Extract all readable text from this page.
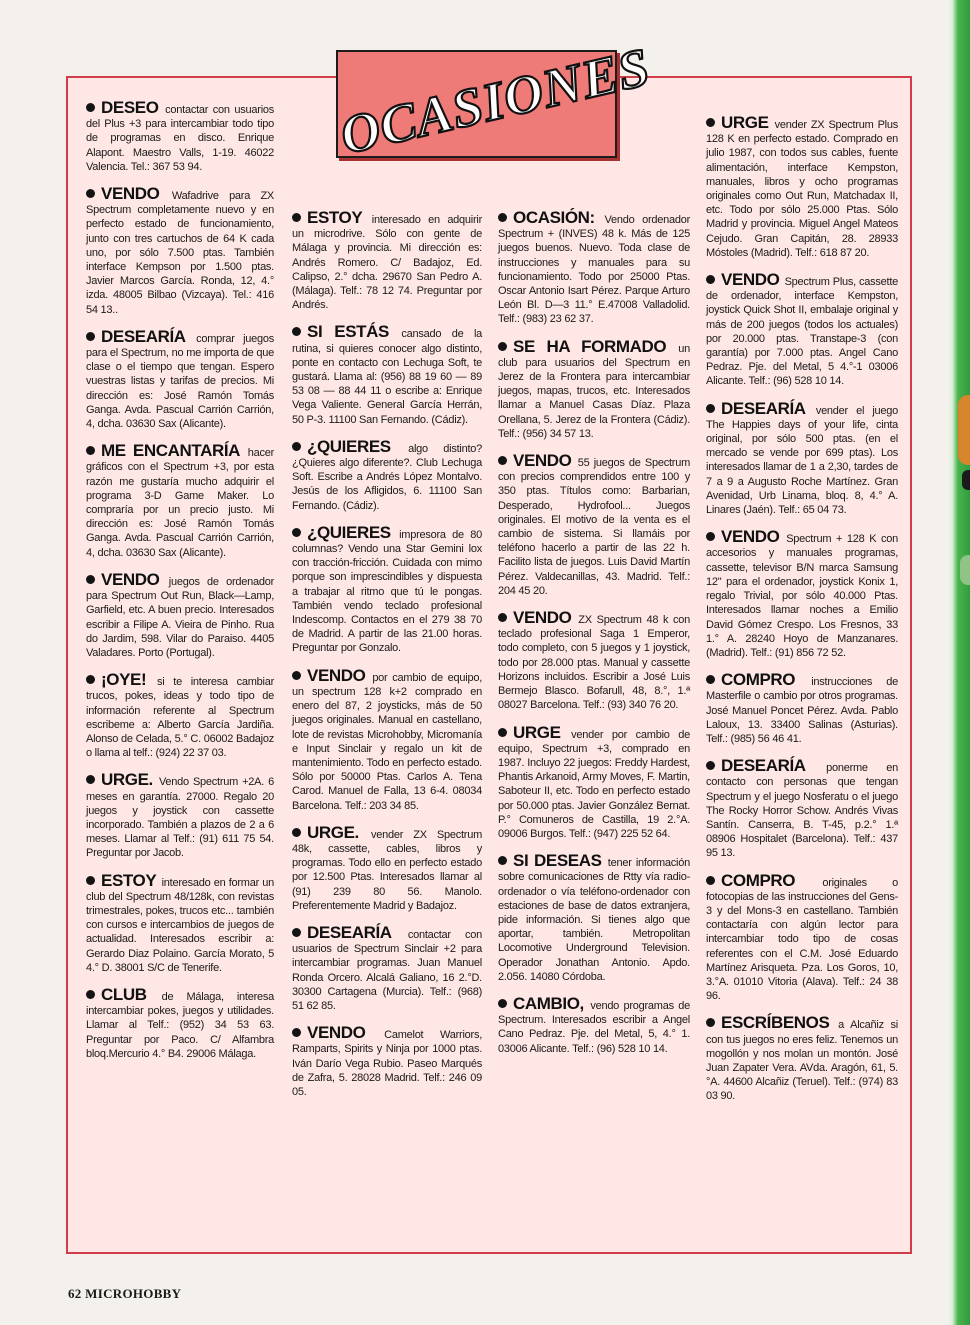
OCASIONES

DESEO contactar con usuarios del Plus +3 para intercambiar todo tipo de programas en disco. Enrique Alapont. Maestro Valls, 1-19. 46022 Valencia. Tel.: 367 53 94.

VENDO Wafadrive para ZX Spectrum completamente nuevo y en perfecto estado de funcionamiento, junto con tres cartuchos de 64 K cada uno, por sólo 7.500 ptas. También interface Kempson por 1.500 ptas. Javier Marcos García. Ronda, 12, 4.° izda. 48005 Bilbao (Vizcaya). Tel.: 416 54 13..

DESEARÍA comprar juegos para el Spectrum, no me importa de que clase o el tiempo que tengan. Espero vuestras listas y tarifas de precios. Mi dirección es: José Ramón Tomás Ganga. Avda. Pascual Carrión Carrión, 4, dcha. 03630 Sax (Alicante).

ME ENCANTARÍA hacer gráficos con el Spectrum +3, por esta razón me gustaría mucho adquirir el programa 3-D Game Maker. Lo compraría por un precio justo. Mi dirección es: José Ramón Tomás Ganga. Avda. Pascual Carrión Carrión, 4, dcha. 03630 Sax (Alicante).

VENDO juegos de ordenador para Spectrum Out Run, Black—Lamp, Garfield, etc. A buen precio. Interesados escribir a Filipe A. Vieira de Pinho. Rua do Jardim, 598. Vilar do Paraiso. 4405 Valadares. Porto (Portugal).

¡OYE! si te interesa cambiar trucos, pokes, ideas y todo tipo de información referente al Spectrum escribeme a: Alberto García Jardiña. Alonso de Celada, 5.° C. 06002 Badajoz o llama al telf.: (924) 22 37 03.

URGE. Vendo Spectrum +2A. 6 meses en garantía. 27000. Regalo 20 juegos y joystick con cassette incorporado. También a plazos de 2 a 6 meses. Llamar al Telf.: (91) 611 75 54. Preguntar por Jacob.

ESTOY interesado en formar un club del Spectrum 48/128k, con revistas trimestrales, pokes, trucos etc... también con cursos e intercambios de juegos de actualidad. Interesados escribir a: Gerardo Diaz Polaino. García Morato, 5 4.° D. 38001 S/C de Tenerife.

CLUB de Málaga, interesa intercambiar pokes, juegos y utilidades. Llamar al Telf.: (952) 34 53 63. Preguntar por Paco. C/ Alfambra bloq.Mercurio 4.° B4. 29006 Málaga.

ESTOY interesado en adquirir un microdrive. Sólo con gente de Málaga y provincia. Mi dirección es: Andrés Romero. C/ Badajoz, Ed. Calipso, 2.° dcha. 29670 San Pedro A. (Málaga). Telf.: 78 12 74. Preguntar por Andrés.

SI ESTÁS cansado de la rutina, si quieres conocer algo distinto, ponte en contacto con Lechuga Soft, te gustará. Llama al: (956) 88 19 60 — 89 53 08 — 88 44 11 o escribe a: Enrique Vega Valiente. General García Herrán, 50 P-3. 11100 San Fernando. (Cádiz).

¿QUIERES algo distinto? ¿Quieres algo diferente?. Club Lechuga Soft. Escribe a Andrés López Montalvo. Jesús de los Afligidos, 6. 11100 San Fernando. (Cádiz).

¿QUIERES impresora de 80 columnas? Vendo una Star Gemini lox con tracción-fricción. Cuidada con mimo porque son imprescindibles y dispuesta a trabajar al ritmo que tú le pongas. También vendo teclado profesional Indescomp. Contactos en el 279 38 70 de Madrid. A partir de las 21.00 horas. Preguntar por Gonzalo.

VENDO por cambio de equipo, un spectrum 128 k+2 comprado en enero del 87, 2 joysticks, más de 50 juegos originales. Manual en castellano, lote de revistas Microhobby, Micromanía e Input Sinclair y regalo un kit de mantenimiento. Todo en perfecto estado. Sólo por 50000 Ptas. Carlos A. Tena Carod. Manuel de Falla, 13 6-4. 08034 Barcelona. Telf.: 203 34 85.

URGE. vender ZX Spectrum 48k, cassette, cables, libros y programas. Todo ello en perfecto estado por 12.500 Ptas. Interesados llamar al (91) 239 80 56. Manolo. Preferentemente Madrid y Badajoz.

DESEARÍA contactar con usuarios de Spectrum Sinclair +2 para intercambiar programas. Juan Manuel Ronda Orcero. Alcalá Galiano, 16 2.°D. 30300 Cartagena (Murcia). Telf.: (968) 51 62 85.

VENDO Camelot Warriors, Ramparts, Spirits y Ninja por 1000 ptas. Iván Darío Vega Rubio. Paseo Marqués de Zafra, 5. 28028 Madrid. Telf.: 246 09 05.

OCASIÓN: Vendo ordenador Spectrum + (INVES) 48 k. Más de 125 juegos buenos. Nuevo. Toda clase de instrucciones y manuales para su funcionamiento. Todo por 25000 Ptas. Oscar Antonio Isart Pérez. Parque Arturo León Bl. D—3 11.° E.47008 Valladolid. Telf.: (983) 23 62 37.

SE HA FORMADO un club para usuarios del Spectrum en Jerez de la Frontera para intercambiar juegos, mapas, trucos, etc. Interesados llamar a Manuel Casas Díaz. Plaza Orellana, 5. Jerez de la Frontera (Cádiz). Telf.: (956) 34 57 13.

VENDO 55 juegos de Spectrum con precios comprendidos entre 100 y 350 ptas. Títulos como: Barbarian, Desperado, Hydrofool... Juegos originales. El motivo de la venta es el cambio de sistema. Si llamáis por teléfono hacerlo a partir de las 22 h. Facilito lista de juegos. Luis David Martín Pérez. Valdecanillas, 43. Madrid. Telf.: 204 45 20.

VENDO ZX Spectrum 48 k con teclado profesional Saga 1 Emperor, todo completo, con 5 juegos y 1 joystick, todo por 28.000 ptas. Manual y cassette Horizons incluidos. Escribir a José Luis Bermejo Blasco. Bofarull, 48, 8.°, 1.ª 08027 Barcelona. Telf.: (93) 340 76 20.

URGE vender por cambio de equipo, Spectrum +3, comprado en 1987. Incluyo 22 juegos: Freddy Hardest, Phantis Arkanoid, Army Moves, F. Martin, Saboteur II, etc. Todo en perfecto estado por 50.000 ptas. Javier González Bernat. P.° Comuneros de Castilla, 19 2.°A. 09006 Burgos. Telf.: (947) 225 52 64.

SI DESEAS tener información sobre comunicaciones de Rtty vía radio-ordenador o vía teléfono-ordenador con estaciones de base de datos extranjera, pide información. Si tienes algo que aportar, también. Metropolitan Locomotive Underground Television. Operador Jonathan Antonio. Apdo. 2.056. 14080 Córdoba.

CAMBIO, vendo programas de Spectrum. Interesados escribir a Angel Cano Pedraz. Pje. del Metal, 5, 4.° 1. 03006 Alicante. Telf.: (96) 528 10 14.

URGE vender ZX Spectrum Plus 128 K en perfecto estado. Comprado en julio 1987, con todos sus cables, fuente alimentación, interface Kempston, manuales, libros y ocho programas originales como Out Run, Matchadax II, etc. Todo por sólo 25.000 Ptas. Sólo Madrid y provincia. Miguel Angel Mateos Cejudo. Gran Capitán, 28. 28933 Móstoles (Madrid). Telf.: 618 87 20.

VENDO Spectrum Plus, cassette de ordenador, interface Kempston, joystick Quick Shot II, embalaje original y más de 200 juegos (todos los actuales) por 20.000 ptas. Transtape-3 (con garantía) por 7.000 ptas. Angel Cano Pedraz. Pje. del Metal, 5 4.°-1 03006 Alicante. Telf.: (96) 528 10 14.

DESEARÍA vender el juego The Happies days of your life, cinta original, por sólo 500 ptas. (en el mercado se vende por 699 ptas). Los interesados llamar de 1 a 2,30, tardes de 7 a 9 a Augusto Roche Martínez. Gran Avenidad, Urb Linama, bloq. 8, 4.° A. Linares (Jaén). Telf.: 65 04 73.

VENDO Spectrum + 128 K con accesorios y manuales programas, cassette, televisor B/N marca Samsung 12" para el ordenador, joystick Konix 1, regalo Trivial, por sólo 40.000 Ptas. Interesados llamar noches a Emilio David Gómez Crespo. Los Fresnos, 33 1.° A. 28240 Hoyo de Manzanares. (Madrid). Telf.: (91) 856 72 52.

COMPRO instrucciones de Masterfile o cambio por otros programas. José Manuel Poncet Pérez. Avda. Pablo Laloux, 13. 33400 Salinas (Asturias). Telf.: (985) 56 46 41.

DESEARÍA ponerme en contacto con personas que tengan Spectrum y el juego Nosferatu o el juego The Rocky Horror Schow. Andrés Vivas Santín. Canserra, B. T-45, p.2.° 1.ª 08906 Hospitalet (Barcelona). Telf.: 437 95 13.

COMPRO originales o fotocopias de las instrucciones del Gens-3 y del Mons-3 en castellano. También contactaría con algún lector para intercambiar todo tipo de cosas referentes con el C.M. José Eduardo Martínez Arisqueta. Pza. Los Goros, 10, 3.°A. 01010 Vitoria (Alava). Telf.: 24 38 96.

ESCRÍBENOS a Alcañiz si con tus juegos no eres feliz. Tenemos un mogollón y nos molan un montón. José Juan Zapater Vera. AVda. Aragón, 61, 5.°A. 44600 Alcañiz (Teruel). Telf.: (974) 83 03 90.

62 MICROHOBBY
